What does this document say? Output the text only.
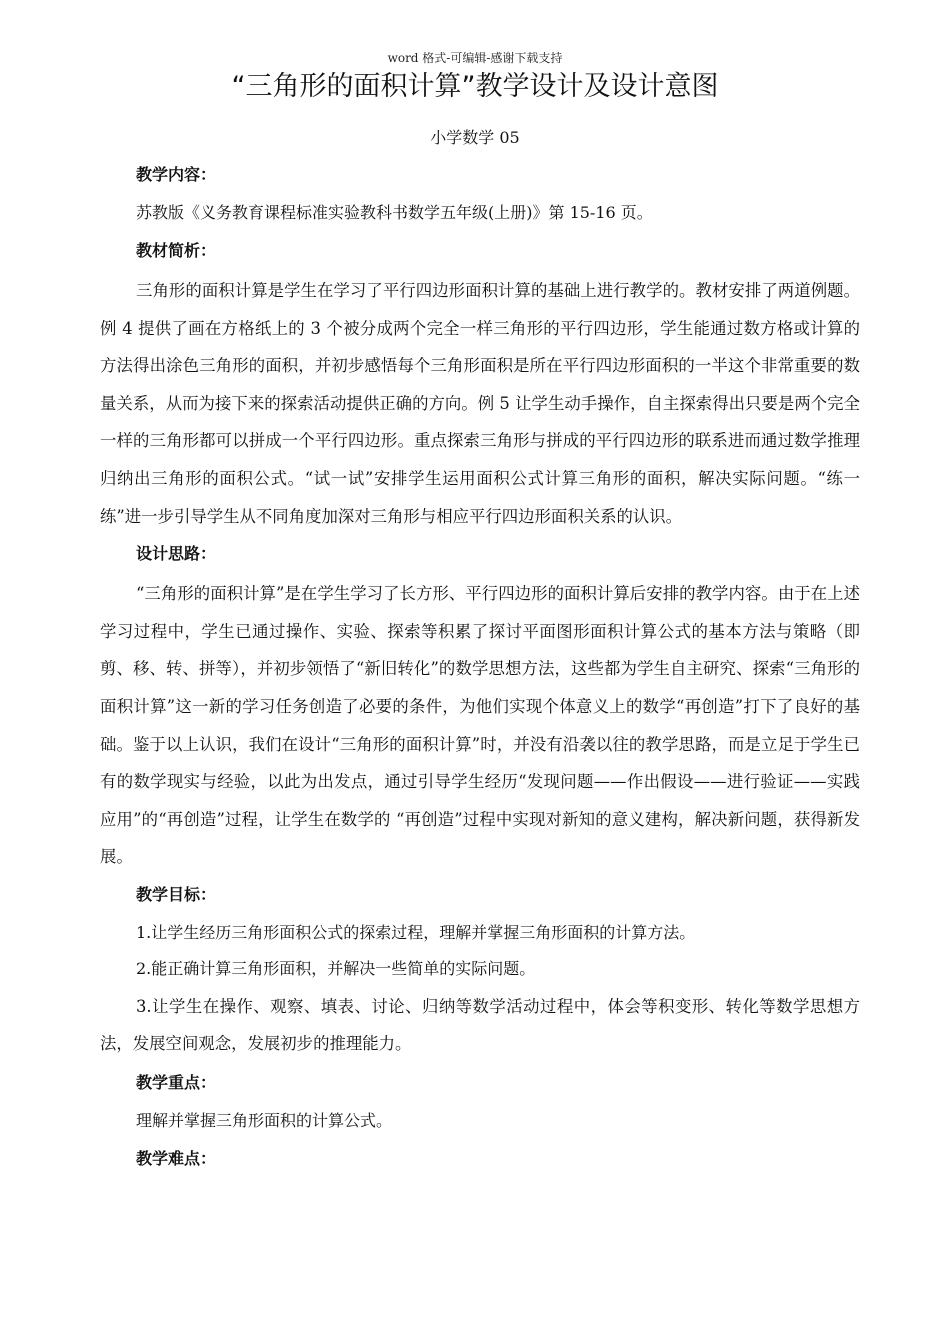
word 格式-可编辑-感谢下载支持
“三角形的面积计算”教学设计及设计意图
小学数学 05
教学内容：
苏教版《义务教育课程标准实验教科书数学五年级(上册)》第 15-16 页。
教材简析：

三角形的面积计算是学生在学习了平行四边形面积计算的基础上进行教学的。教材安排了两道例题。例 4 提供了画在方格纸上的 3 个被分成两个完全一样三角形的平行四边形，学生能通过数方格或计算的方法得出涂色三角形的面积，并初步感悟每个三角形面积是所在平行四边形面积的一半这个非常重要的数量关系，从而为接下来的探索活动提供正确的方向。例 5 让学生动手操作，自主探索得出只要是两个完全一样的三角形都可以拼成一个平行四边形。重点探索三角形与拼成的平行四边形的联系进而通过数学推理归纳出三角形的面积公式。“试一试”安排学生运用面积公式计算三角形的面积，解决实际问题。“练一练”进一步引导学生从不同角度加深对三角形与相应平行四边形面积关系的认识。

设计思路：

“三角形的面积计算”是在学生学习了长方形、平行四边形的面积计算后安排的教学内容。由于在上述学习过程中，学生已通过操作、实验、探索等积累了探讨平面图形面积计算公式的基本方法与策略（即剪、移、转、拼等），并初步领悟了“新旧转化”的数学思想方法，这些都为学生自主研究、探索“三角形的面积计算”这一新的学习任务创造了必要的条件，为他们实现个体意义上的数学“再创造”打下了良好的基础。鉴于以上认识，我们在设计“三角形的面积计算”时，并没有沿袭以往的教学思路，而是立足于学生已有的数学现实与经验，以此为出发点，通过引导学生经历“发现问题——作出假设——进行验证——实践应用”的“再创造”过程，让学生在数学的 “再创造”过程中实现对新知的意义建构，解决新问题，获得新发展。

教学目标：
1.让学生经历三角形面积公式的探索过程，理解并掌握三角形面积的计算方法。
2.能正确计算三角形面积，并解决一些简单的实际问题。

3.让学生在操作、观察、填表、讨论、归纳等数学活动过程中，体会等积变形、转化等数学思想方法，发展空间观念，发展初步的推理能力。

教学重点：
理解并掌握三角形面积的计算公式。
教学难点：
